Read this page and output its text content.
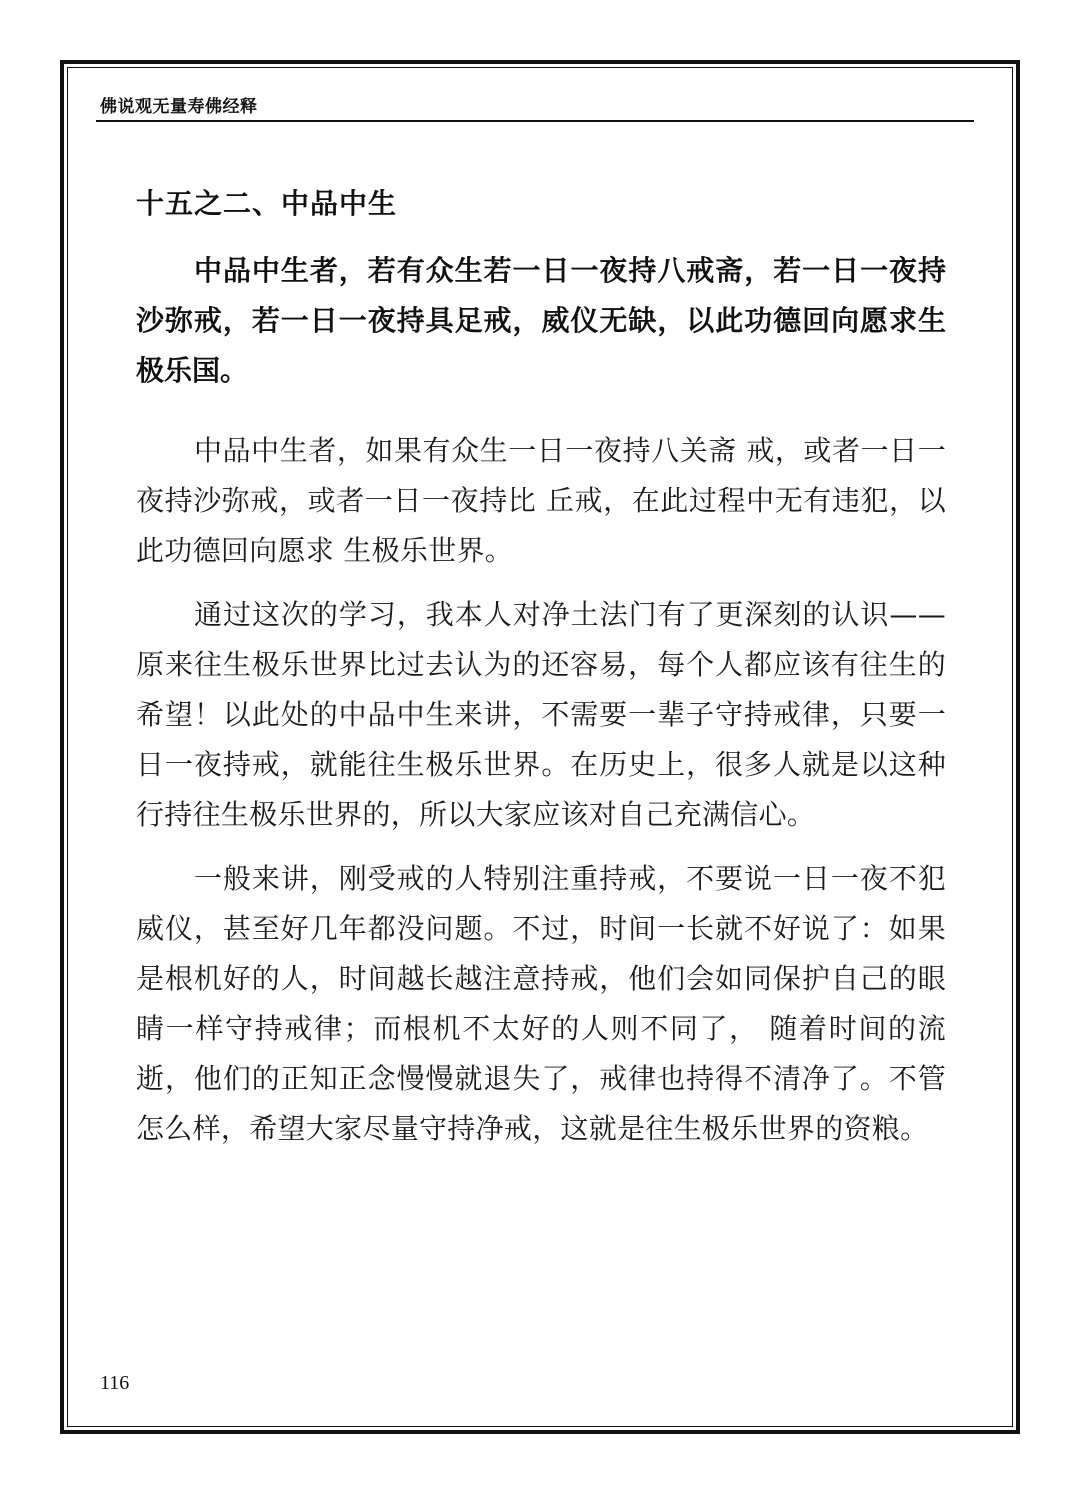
佛说观无量寿佛经释
十五之二、中品中生

中品中生者，若有众生若一日一夜持八戒斋，若一日一夜持沙弥戒，若一日一夜持具足戒，威仪无缺，以此功德回向愿求生极乐国。

中品中生者，如果有众生一日一夜持八关斋 戒，或者一日一夜持沙弥戒，或者一日一夜持比 丘戒，在此过程中无有违犯，以此功德回向愿求 生极乐世界。

通过这次的学习，我本人对净土法门有了更深刻的认识——原来往生极乐世界比过去认为的还容易，每个人都应该有往生的希望！以此处的中品中生来讲，不需要一辈子守持戒律，只要一日一夜持戒，就能往生极乐世界。在历史上，很多人就是以这种行持往生极乐世界的，所以大家应该对自己充满信心。

一般来讲，刚受戒的人特别注重持戒，不要说一日一夜不犯威仪，甚至好几年都没问题。不过，时间一长就不好说了：如果是根机好的人，时间越长越注意持戒，他们会如同保护自己的眼睛一样守持戒律；而根机不太好的人则不同了， 随着时间的流逝，他们的正知正念慢慢就退失了，戒律也持得不清净了。不管怎么样，希望大家尽量守持净戒，这就是往生极乐世界的资粮。

116
